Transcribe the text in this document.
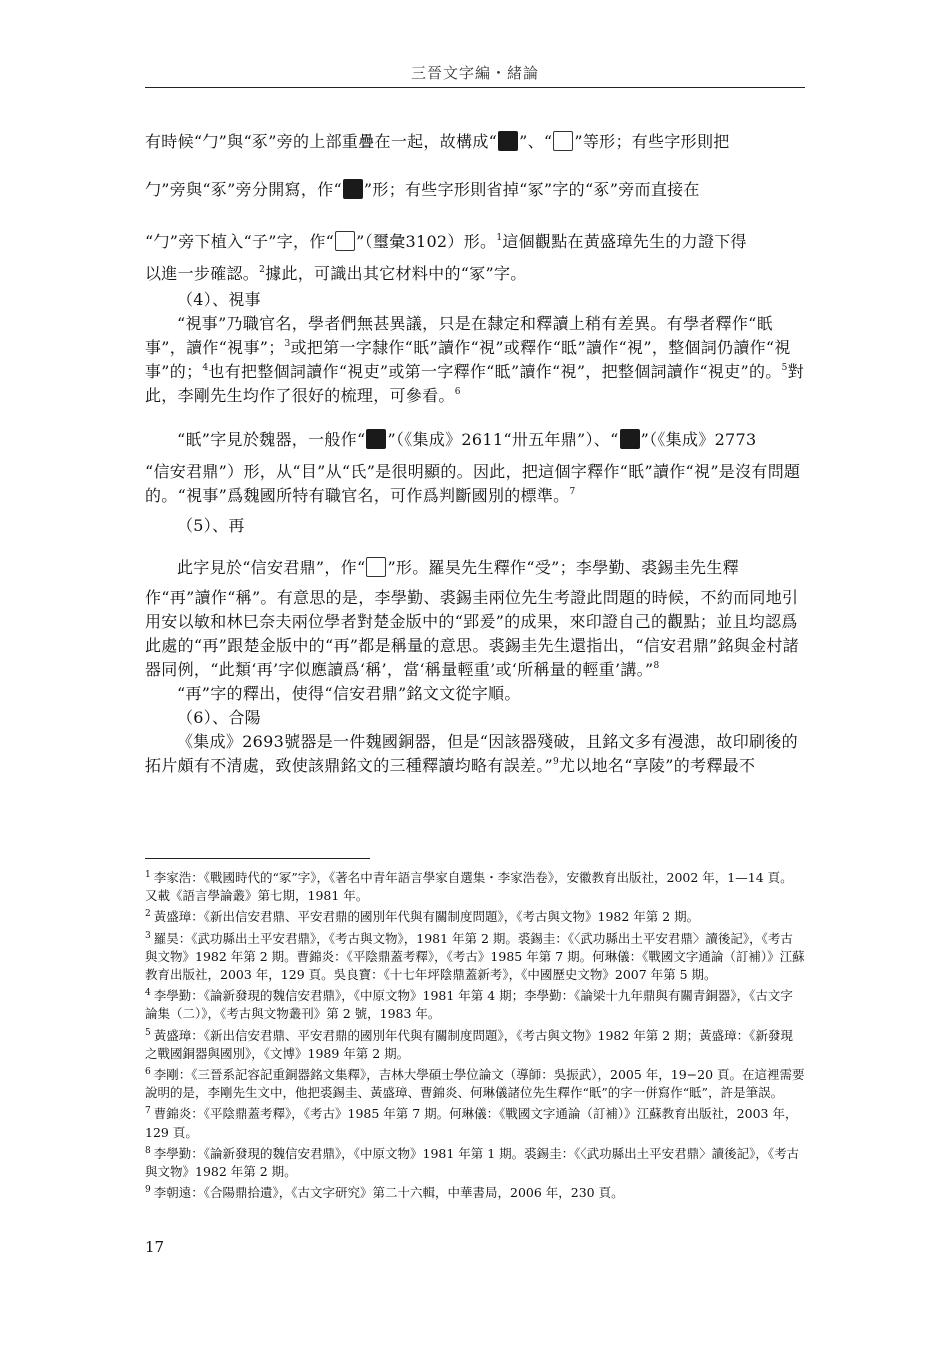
三晉文字編・緒論

有時候“勹”與“豖”旁的上部重疊在一起，故構成“ ”、“ ”等形；有些字形則把

勹”旁與“豖”旁分開寫，作“ ”形；有些字形則省掉“冢”字的“豖”旁而直接在

“勹”旁下植入“子”字，作“ ”（璽彙3102）形。$^1$這個觀點在黃盛璋先生的力證下得

以進一步確認。$^2$據此，可識出其它材料中的“冢”字。

（4）、視事

“視事”乃職官名，學者們無甚異議，只是在隸定和釋讀上稍有差異。有學者釋作“眂事”，讀作“視事”；$^3$或把第一字隸作“眂”讀作“視”或釋作“眡”讀作“視”，整個詞仍讀作“視事”的；$^4$也有把整個詞讀作“視吏”或第一字釋作“眡”讀作“視”，把整個詞讀作“視吏”的。$^5$對此，李剛先生均作了很好的梳理，可參看。$^6$

“眂”字見於魏器，一般作“ ”（《集成》2611“卅五年鼎”）、“ ”（《集成》2773

“信安君鼎”）形，从“目”从“氏”是很明顯的。因此，把這個字釋作“眂”讀作“視”是沒有問題的。“視事”爲魏國所特有職官名，可作爲判斷國別的標準。$^7$

（5）、再

此字見於“信安君鼎”，作“ ”形。羅昊先生釋作“受”；李學勤、裘錫圭先生釋

作“再”讀作“稱”。有意思的是，李學勤、裘錫圭兩位先生考證此問題的時候，不約而同地引用安以敏和林巳奈夫兩位學者對楚金版中的“郢爰”的成果，來印證自己的觀點；並且均認爲此處的“再”跟楚金版中的“再”都是稱量的意思。裘錫圭先生還指出，“信安君鼎”銘與金村諸器同例，“此類‘再’字似應讀爲‘稱’，當‘稱量輕重’或‘所稱量的輕重’講。”$^8$

“再”字的釋出，使得“信安君鼎”銘文文從字順。

（6）、合陽

《集成》2693號器是一件魏國銅器，但是“因該器殘破，且銘文多有漫漶，故印刷後的拓片頗有不清處，致使該鼎銘文的三種釋讀均略有誤差。”$^9$尤以地名“享陵”的考釋最不

$^1$ 李家浩：《戰國時代的“冢”字》，《著名中青年語言學家自選集・李家浩卷》，安徽教育出版社，2002 年，1—14 頁。又載《語言學論叢》第七期，1981 年。

$^2$ 黃盛璋：《新出信安君鼎、平安君鼎的國別年代與有關制度問題》，《考古與文物》1982 年第 2 期。

$^3$ 羅昊：《武功縣出土平安君鼎》，《考古與文物》，1981 年第 2 期。裘錫圭：《〈武功縣出土平安君鼎〉讀後記》，《考古與文物》1982 年第 2 期。曹錦炎：《平陰鼎蓋考釋》，《考古》1985 年第 7 期。何琳儀：《戰國文字通論（訂補）》江蘇教育出版社，2003 年，129 頁。吳良寶：《十七年坪陰鼎蓋新考》，《中國歷史文物》2007 年第 5 期。

$^4$ 李學勤：《論新發現的魏信安君鼎》，《中原文物》1981 年第 4 期；李學勤：《論梁十九年鼎與有關青銅器》，《古文字論集（二）》，《考古與文物叢刊》第 2 號，1983 年。

$^5$ 黃盛璋：《新出信安君鼎、平安君鼎的國別年代與有關制度問題》，《考古與文物》1982 年第 2 期；黃盛璋：《新發現之戰國銅器與國別》，《文博》1989 年第 2 期。

$^6$ 李剛：《三晉系記容記重銅器銘文集釋》，吉林大學碩士學位論文（導師：吳振武），2005 年，19−20 頁。在這裡需要說明的是，李剛先生文中，他把裘錫圭、黃盛璋、曹錦炎、何琳儀諸位先生釋作“眂”的字一併寫作“眡”，許是筆誤。

$^7$ 曹錦炎：《平陰鼎蓋考釋》，《考古》1985 年第 7 期。何琳儀：《戰國文字通論（訂補）》江蘇教育出版社，2003 年，129 頁。

$^8$ 李學勤：《論新發現的魏信安君鼎》，《中原文物》1981 年第 1 期。裘錫圭：《〈武功縣出土平安君鼎〉讀後記》，《考古與文物》1982 年第 2 期。

$^9$ 李朝遠：《合陽鼎拾遺》，《古文字研究》第二十六輯，中華書局，2006 年，230 頁。

17
